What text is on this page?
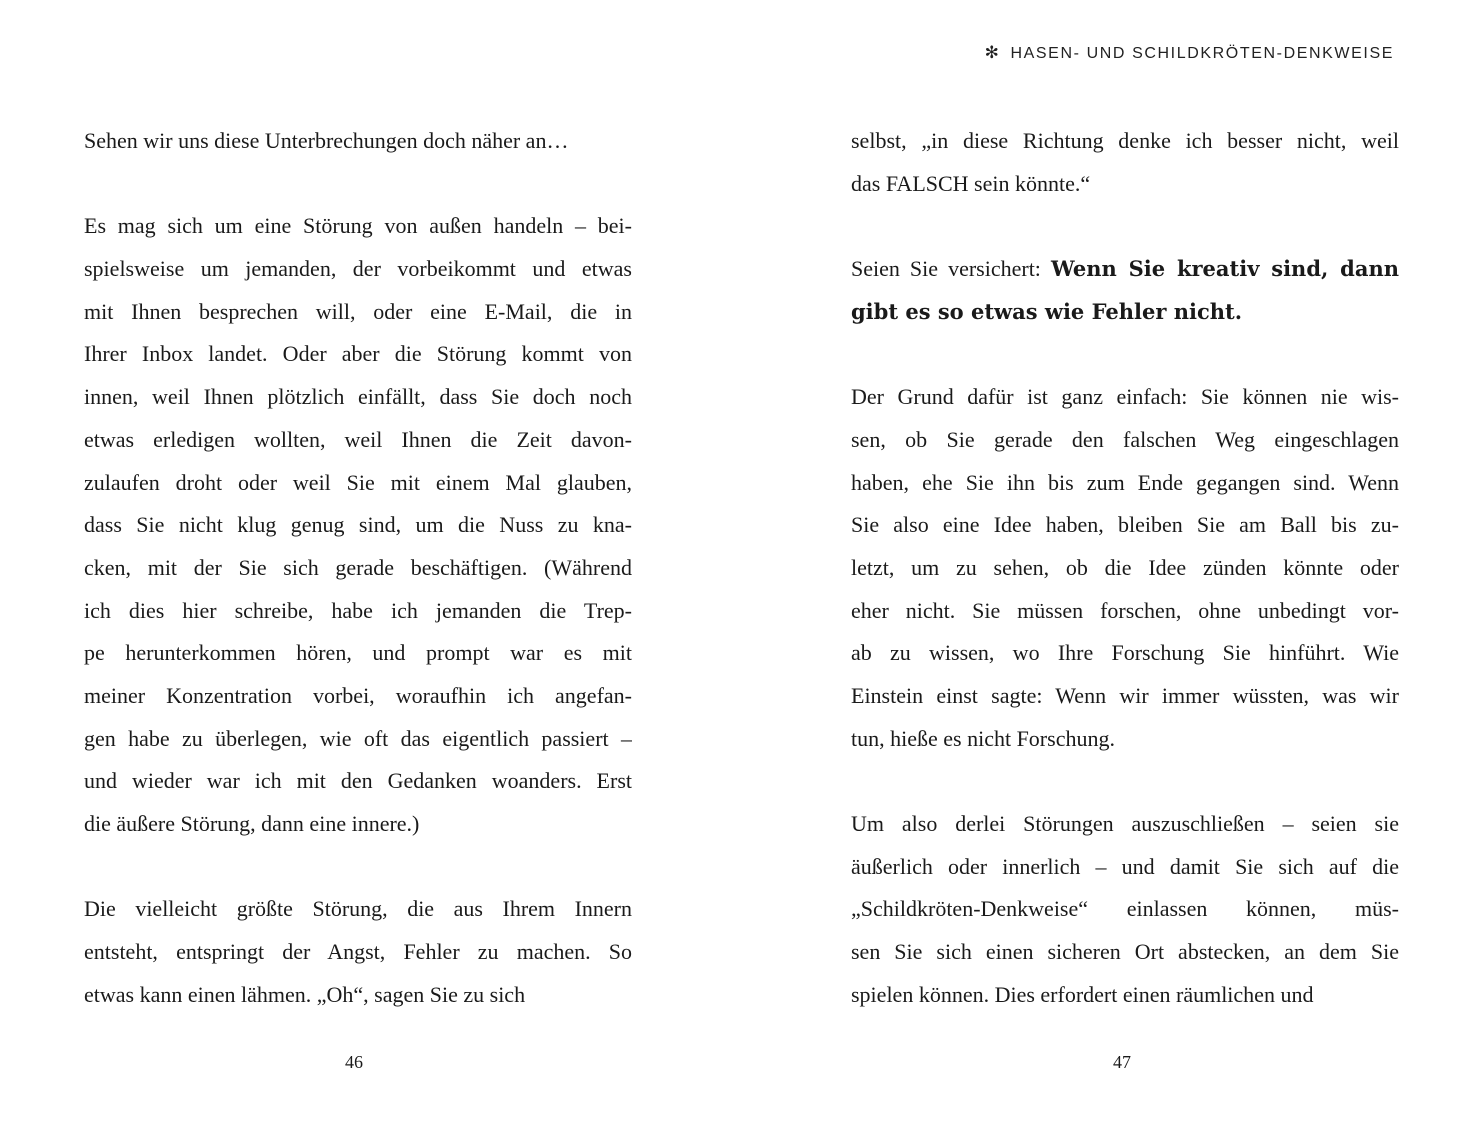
✻ HASEN- UND SCHILDKRÖTEN-DENKWEISE
Sehen wir uns diese Unterbrechungen doch näher an…
Es mag sich um eine Störung von außen handeln – bei-
spielsweise um jemanden, der vorbeikommt und etwas
mit Ihnen besprechen will, oder eine E-Mail, die in
Ihrer Inbox landet. Oder aber die Störung kommt von
innen, weil Ihnen plötzlich einfällt, dass Sie doch noch
etwas erledigen wollten, weil Ihnen die Zeit davon-
zulaufen droht oder weil Sie mit einem Mal glauben,
dass Sie nicht klug genug sind, um die Nuss zu kna-
cken, mit der Sie sich gerade beschäftigen. (Während
ich dies hier schreibe, habe ich jemanden die Trep-
pe herunterkommen hören, und prompt war es mit
meiner Konzentration vorbei, woraufhin ich angefan-
gen habe zu überlegen, wie oft das eigentlich passiert –
und wieder war ich mit den Gedanken woanders. Erst
die äußere Störung, dann eine innere.)
Die vielleicht größte Störung, die aus Ihrem Innern
entsteht, entspringt der Angst, Fehler zu machen. So
etwas kann einen lähmen. „Oh“, sagen Sie zu sich
selbst, „in diese Richtung denke ich besser nicht, weil
das FALSCH sein könnte.“
Seien Sie versichert: Wenn Sie kreativ sind, dann
gibt es so etwas wie Fehler nicht.
Der Grund dafür ist ganz einfach: Sie können nie wis-
sen, ob Sie gerade den falschen Weg eingeschlagen
haben, ehe Sie ihn bis zum Ende gegangen sind. Wenn
Sie also eine Idee haben, bleiben Sie am Ball bis zu-
letzt, um zu sehen, ob die Idee zünden könnte oder
eher nicht. Sie müssen forschen, ohne unbedingt vor-
ab zu wissen, wo Ihre Forschung Sie hinführt. Wie
Einstein einst sagte: Wenn wir immer wüssten, was wir
tun, hieße es nicht Forschung.
Um also derlei Störungen auszuschließen – seien sie
äußerlich oder innerlich – und damit Sie sich auf die
„Schildkröten-Denkweise“ einlassen können, müs-
sen Sie sich einen sicheren Ort abstecken, an dem Sie
spielen können. Dies erfordert einen räumlichen und
46	47
